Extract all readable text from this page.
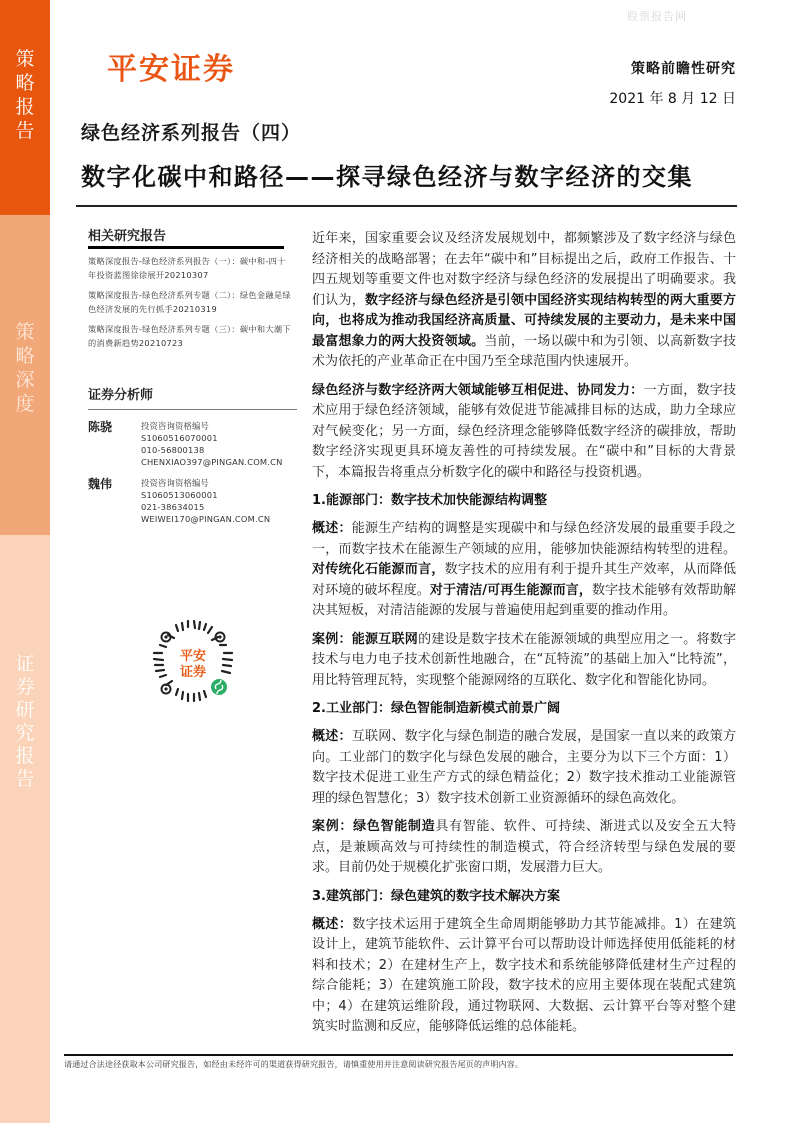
策
略
报
告
策
略
深
度
证
券
研
究
报
告
股票报告网
平安证券	策略前瞻性研究
2021 年 8 月 12 日
绿色经济系列报告（四）
数字化碳中和路径——探寻绿色经济与数字经济的交集
相关研究报告
策略深度报告-绿色经济系列报告（一）：碳中和-四十年投资蓝图徐徐展开20210307
策略深度报告-绿色经济系列专题（二）：绿色金融是绿色经济发展的先行抓手20210319
策略深度报告-绿色经济系列专题（三）：碳中和大潮下的消费新趋势20210723
证券分析师
陈骁	投资咨询资格编号
S1060516070001
010-56800138
CHENXIAO397@PINGAN.COM.CN
魏伟	投资咨询资格编号
S1060513060001
021-38634015
WEIWEI170@PINGAN.COM.CN
平安
证券

近年来，国家重要会议及经济发展规划中，都频繁涉及了数字经济与绿色经济相关的战略部署；在去年“碳中和”目标提出之后，政府工作报告、十四五规划等重要文件也对数字经济与绿色经济的发展提出了明确要求。我们认为，数字经济与绿色经济是引领中国经济实现结构转型的两大重要方向，也将成为推动我国经济高质量、可持续发展的主要动力，是未来中国最富想象力的两大投资领域。当前，一场以碳中和为引领、以高新数字技术为依托的产业革命正在中国乃至全球范围内快速展开。

绿色经济与数字经济两大领域能够互相促进、协同发力：一方面，数字技术应用于绿色经济领域，能够有效促进节能减排目标的达成，助力全球应对气候变化；另一方面，绿色经济理念能够降低数字经济的碳排放，帮助数字经济实现更具环境友善性的可持续发展。在“碳中和”目标的大背景下，本篇报告将重点分析数字化的碳中和路径与投资机遇。

1.能源部门：数字技术加快能源结构调整

概述：能源生产结构的调整是实现碳中和与绿色经济发展的最重要手段之一，而数字技术在能源生产领域的应用，能够加快能源结构转型的进程。对传统化石能源而言，数字技术的应用有利于提升其生产效率，从而降低对环境的破坏程度。对于清洁/可再生能源而言，数字技术能够有效帮助解决其短板，对清洁能源的发展与普遍使用起到重要的推动作用。

案例：能源互联网的建设是数字技术在能源领域的典型应用之一。将数字技术与电力电子技术创新性地融合，在“瓦特流”的基础上加入“比特流”，用比特管理瓦特，实现整个能源网络的互联化、数字化和智能化协同。

2.工业部门：绿色智能制造新模式前景广阔

概述：互联网、数字化与绿色制造的融合发展，是国家一直以来的政策方向。工业部门的数字化与绿色发展的融合，主要分为以下三个方面：1）数字技术促进工业生产方式的绿色精益化；2）数字技术推动工业能源管理的绿色智慧化；3）数字技术创新工业资源循环的绿色高效化。

案例：绿色智能制造具有智能、软件、可持续、渐进式以及安全五大特点，是兼顾高效与可持续性的制造模式，符合经济转型与绿色发展的要求。目前仍处于规模化扩张窗口期，发展潜力巨大。

3.建筑部门：绿色建筑的数字技术解决方案

概述：数字技术运用于建筑全生命周期能够助力其节能减排。1）在建筑设计上，建筑节能软件、云计算平台可以帮助设计师选择使用低能耗的材料和技术；2）在建材生产上，数字技术和系统能够降低建材生产过程的综合能耗；3）在建筑施工阶段，数字技术的应用主要体现在装配式建筑中；4）在建筑运维阶段，通过物联网、大数据、云计算平台等对整个建筑实时监测和反应，能够降低运维的总体能耗。

请通过合法途径获取本公司研究报告，如经由未经许可的渠道获得研究报告，请慎重使用并注意阅读研究报告尾页的声明内容。
